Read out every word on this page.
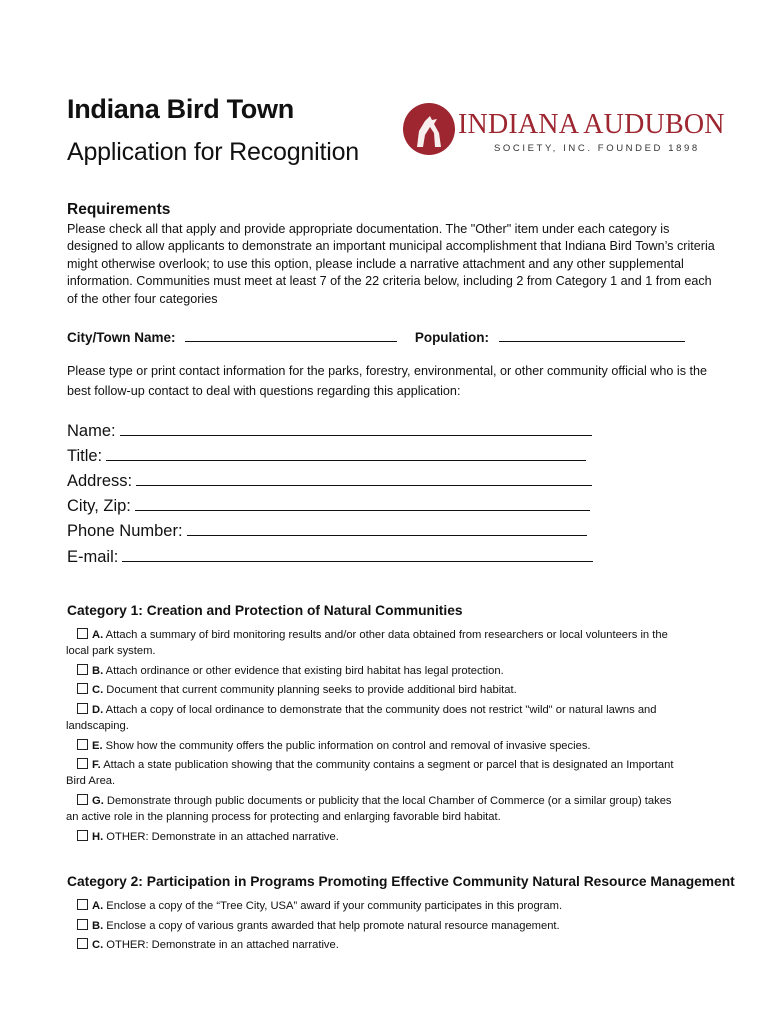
Indiana Bird Town
Application for Recognition
INDIANA AUDUBON
SOCIETY, INC. FOUNDED 1898
Requirements
Please check all that apply and provide appropriate documentation. The "Other" item under each category is designed to allow applicants to demonstrate an important municipal accomplishment that Indiana Bird Town’s criteria might otherwise overlook; to use this option, please include a narrative attachment and any other supplemental information. Communities must meet at least 7 of the 22 criteria below, including 2 from Category 1 and 1 from each of the other four categories
City/Town Name:	Population:
Please type or print contact information for the parks, forestry, environmental, or other community official who is the best follow-up contact to deal with questions regarding this application:
Name:
Title:
Address:
City, Zip:
Phone Number:
E-mail:
Category 1: Creation and Protection of Natural Communities
A. Attach a summary of bird monitoring results and/or other data obtained from researchers or local volunteers in the
local park system.
B. Attach ordinance or other evidence that existing bird habitat has legal protection.
C. Document that current community planning seeks to provide additional bird habitat.
D. Attach a copy of local ordinance to demonstrate that the community does not restrict "wild" or natural lawns and
landscaping.
E. Show how the community offers the public information on control and removal of invasive species.
F. Attach a state publication showing that the community contains a segment or parcel that is designated an Important
Bird Area.
G. Demonstrate through public documents or publicity that the local Chamber of Commerce (or a similar group) takes
an active role in the planning process for protecting and enlarging favorable bird habitat.
H. OTHER: Demonstrate in an attached narrative.
Category 2: Participation in Programs Promoting Effective Community Natural Resource Management
A. Enclose a copy of the “Tree City, USA” award if your community participates in this program.
B. Enclose a copy of various grants awarded that help promote natural resource management.
C. OTHER: Demonstrate in an attached narrative.
